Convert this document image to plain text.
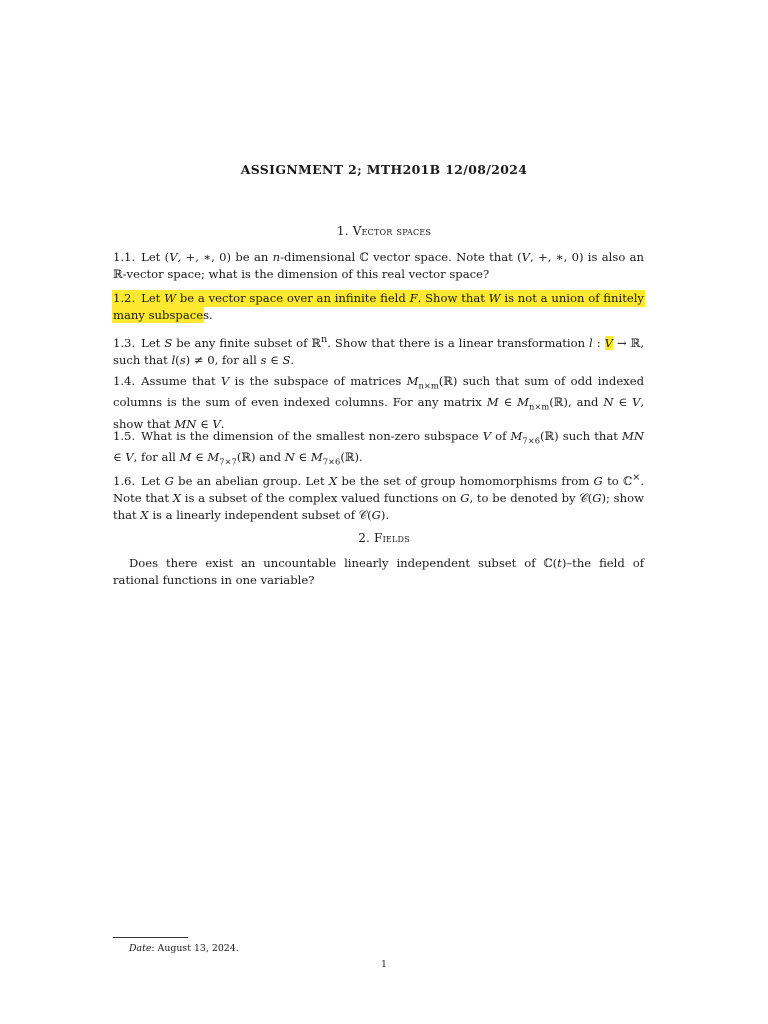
ASSIGNMENT 2; MTH201B 12/08/2024
1. Vector spaces
1.1. Let (V, +, ∗, 0) be an n-dimensional ℂ vector space. Note that (V, +, ∗, 0) is also an ℝ-vector space; what is the dimension of this real vector space?
1.2. Let W be a vector space over an infinite field F. Show that W is not a union of finitely many subspaces.
1.3. Let S be any finite subset of ℝ$^n$. Show that there is a linear transformation l : V → ℝ, such that l(s) ≠ 0, for all s ∈ S.
1.4. Assume that V is the subspace of matrices $M_{n\times m}(ℝ)$ such that sum of odd indexed columns is the sum of even indexed columns. For any matrix M ∈ $M_{n\times m}(ℝ)$, and N ∈ V, show that MN ∈ V.
1.5. What is the dimension of the smallest non-zero subspace V of $M_{7\times 6}(ℝ)$ such that MN ∈ V, for all M ∈ $M_{7\times 7}(ℝ)$ and N ∈ $M_{7\times 6}(ℝ)$.
1.6. Let G be an abelian group. Let X be the set of group homomorphisms from G to ℂ×. Note that X is a subset of the complex valued functions on G, to be denoted by 𝒞(G); show that X is a linearly independent subset of 𝒞(G).
2. Fields
Does there exist an uncountable linearly independent subset of ℂ(t)–the field of rational functions in one variable?
Date: August 13, 2024.
1
